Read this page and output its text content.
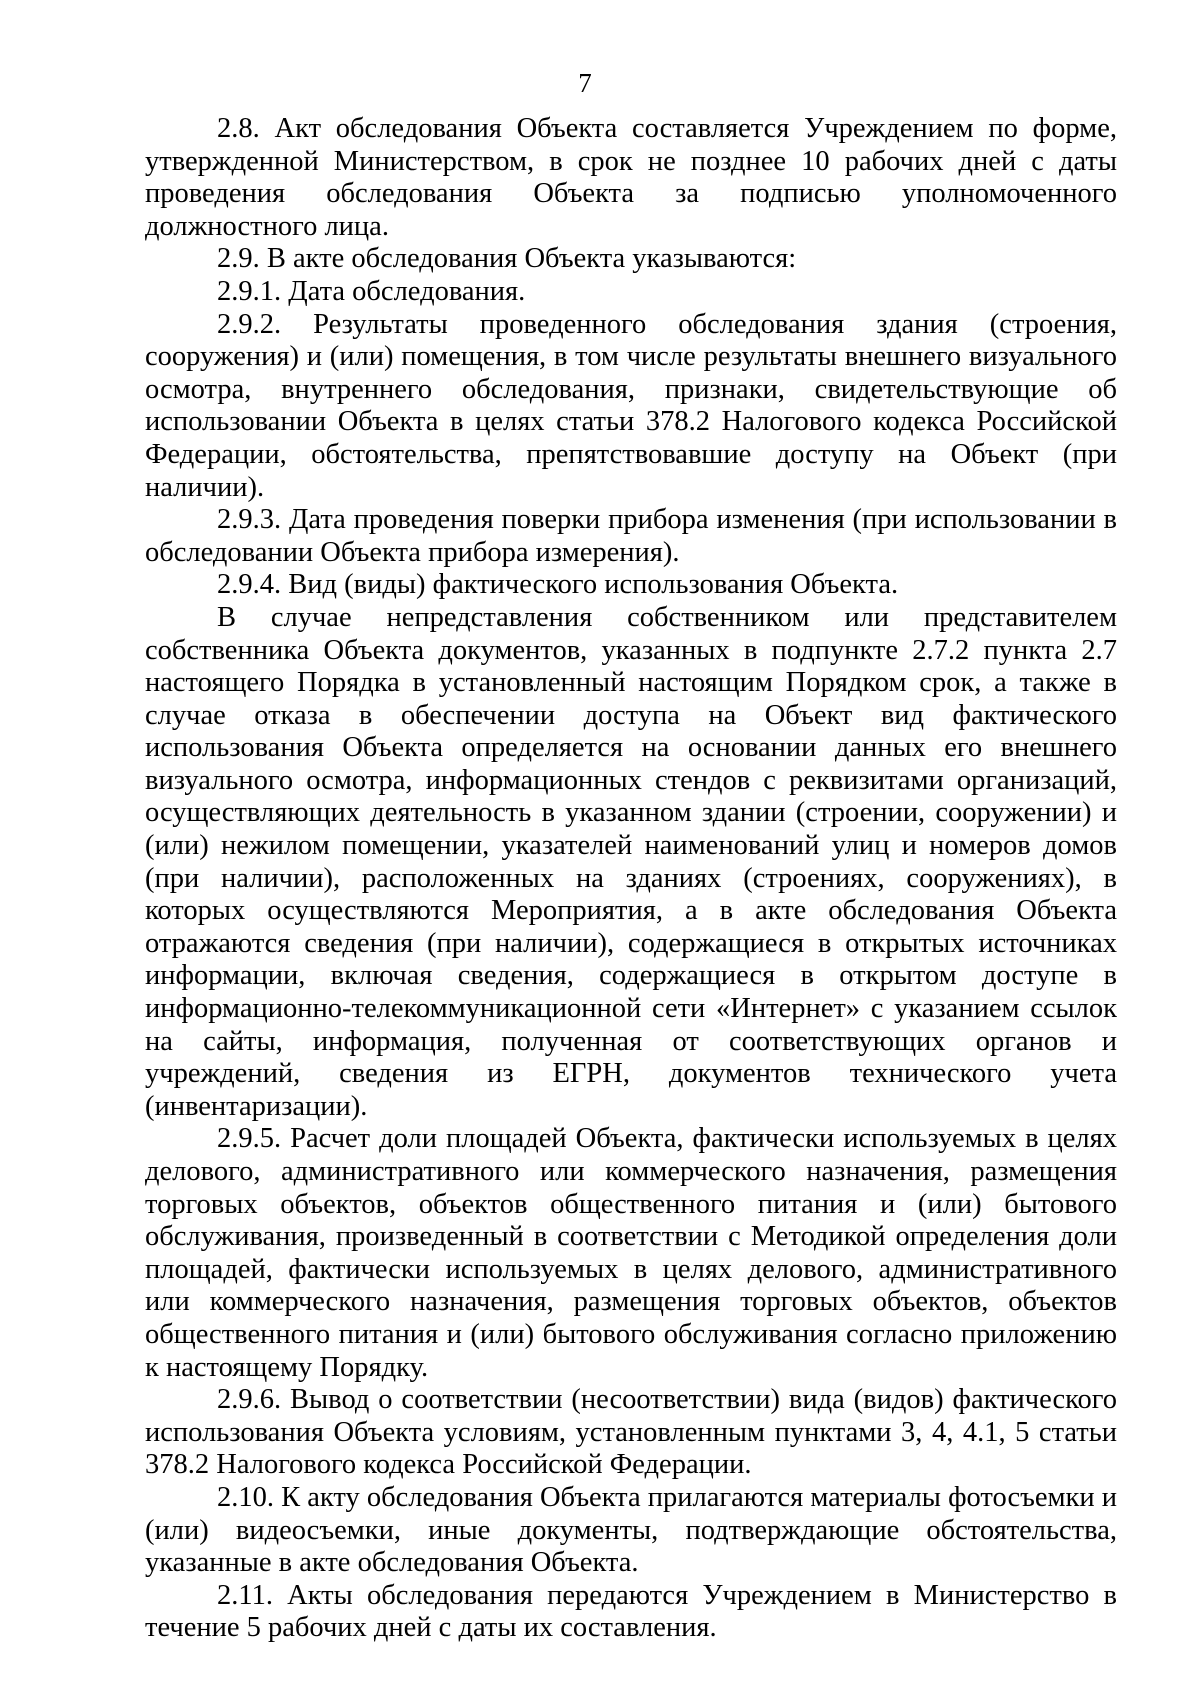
7

2.8. Акт обследования Объекта составляется Учреждением по форме, утвержденной Министерством, в срок не позднее 10 рабочих дней с даты проведения обследования Объекта за подписью уполномоченного должностного лица.

2.9. В акте обследования Объекта указываются:

2.9.1. Дата обследования.

2.9.2. Результаты проведенного обследования здания (строения, сооружения) и (или) помещения, в том числе результаты внешнего визуального осмотра, внутреннего обследования, признаки, свидетельствующие об использовании Объекта в целях статьи 378.2 Налогового кодекса Российской Федерации, обстоятельства, препятствовавшие доступу на Объект (при наличии).

2.9.3. Дата проведения поверки прибора изменения (при использовании в обследовании Объекта прибора измерения).

2.9.4. Вид (виды) фактического использования Объекта.

В случае непредставления собственником или представителем собственника Объекта документов, указанных в подпункте 2.7.2 пункта 2.7 настоящего Порядка в установленный настоящим Порядком срок, а также в случае отказа в обеспечении доступа на Объект вид фактического использования Объекта определяется на основании данных его внешнего визуального осмотра, информационных стендов с реквизитами организаций, осуществляющих деятельность в указанном здании (строении, сооружении) и (или) нежилом помещении, указателей наименований улиц и номеров домов (при наличии), расположенных на зданиях (строениях, сооружениях), в которых осуществляются Мероприятия, а в акте обследования Объекта отражаются сведения (при наличии), содержащиеся в открытых источниках информации, включая сведения, содержащиеся в открытом доступе в информационно-телекоммуникационной сети «Интернет» с указанием ссылок на сайты, информация, полученная от соответствующих органов и учреждений, сведения из ЕГРН, документов технического учета (инвентаризации).

2.9.5. Расчет доли площадей Объекта, фактически используемых в целях делового, административного или коммерческого назначения, размещения торговых объектов, объектов общественного питания и (или) бытового обслуживания, произведенный в соответствии с Методикой определения доли площадей, фактически используемых в целях делового, административного или коммерческого назначения, размещения торговых объектов, объектов общественного питания и (или) бытового обслуживания согласно приложению к настоящему Порядку.

2.9.6. Вывод о соответствии (несоответствии) вида (видов) фактического использования Объекта условиям, установленным пунктами 3, 4, 4.1, 5 статьи 378.2 Налогового кодекса Российской Федерации.

2.10. К акту обследования Объекта прилагаются материалы фотосъемки и (или) видеосъемки, иные документы, подтверждающие обстоятельства, указанные в акте обследования Объекта.

2.11. Акты обследования передаются Учреждением в Министерство в течение 5 рабочих дней с даты их составления.
